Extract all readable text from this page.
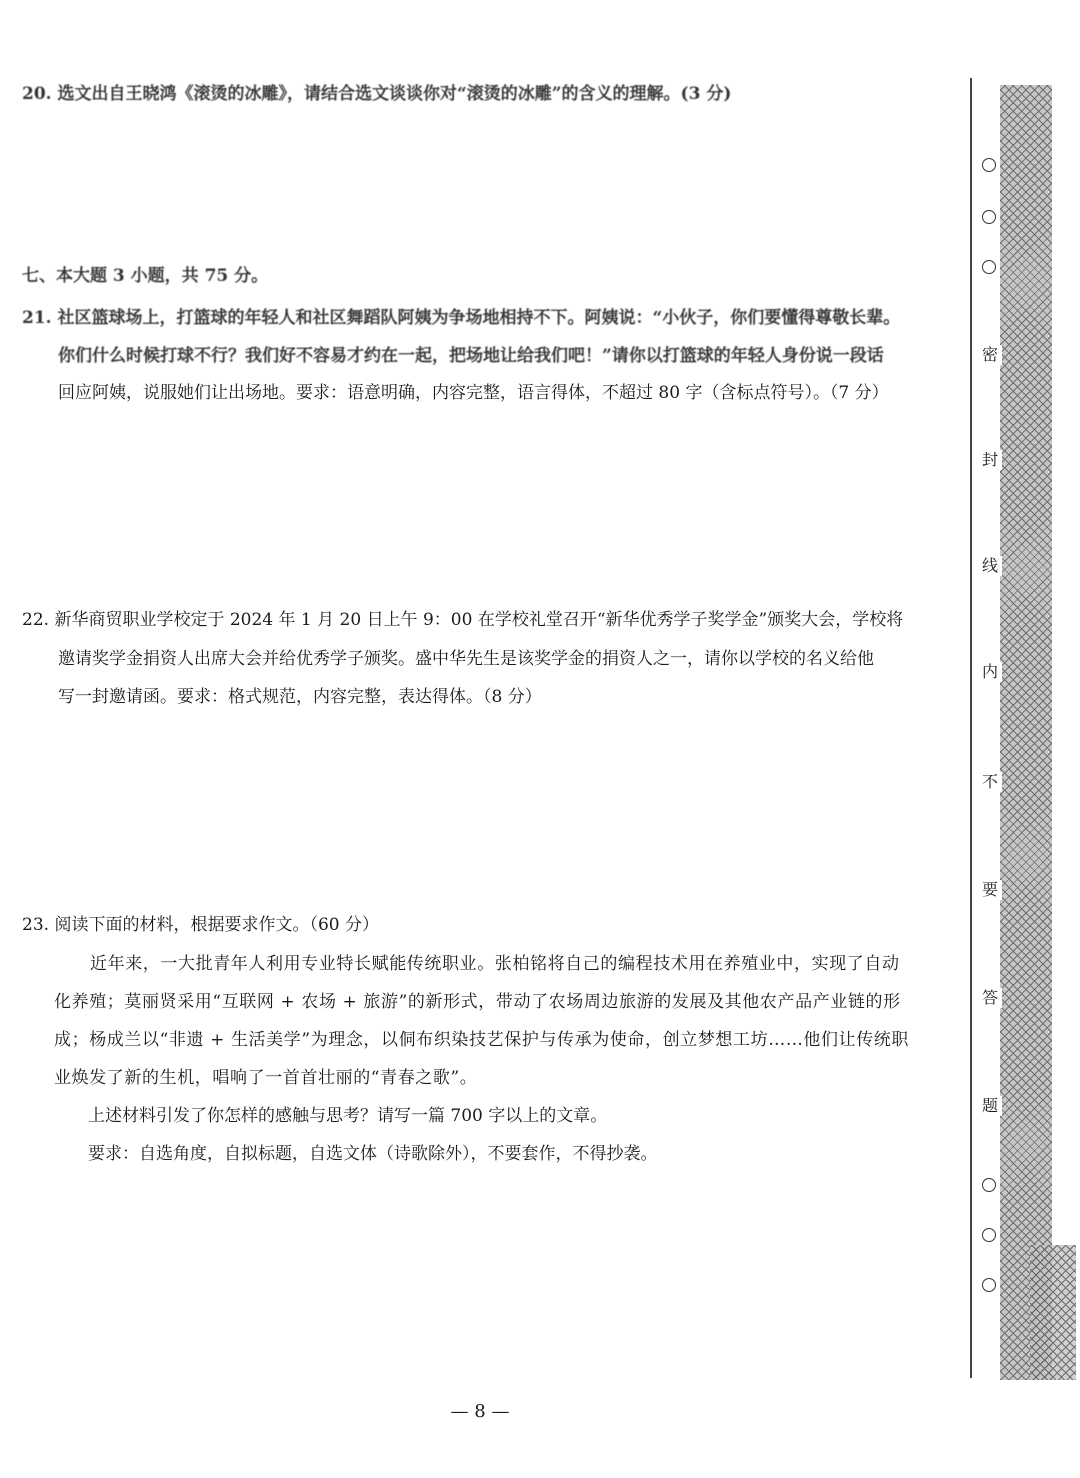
20. 选文出自王晓鸿《滚烫的冰雕》，请结合选文谈谈你对“滚烫的冰雕”的含义的理解。(3 分)
七、本大题 3 小题，共 75 分。
21. 社区篮球场上，打篮球的年轻人和社区舞蹈队阿姨为争场地相持不下。阿姨说：“小伙子，你们要懂得尊敬长辈。
你们什么时候打球不行？我们好不容易才约在一起，把场地让给我们吧！”请你以打篮球的年轻人身份说一段话
回应阿姨，说服她们让出场地。要求：语意明确，内容完整，语言得体，不超过 80 字（含标点符号）。（7 分）
22. 新华商贸职业学校定于 2024 年 1 月 20 日上午 9：00 在学校礼堂召开“新华优秀学子奖学金”颁奖大会，学校将
邀请奖学金捐资人出席大会并给优秀学子颁奖。盛中华先生是该奖学金的捐资人之一，请你以学校的名义给他
写一封邀请函。要求：格式规范，内容完整，表达得体。（8 分）
23. 阅读下面的材料，根据要求作文。（60 分）
近年来，一大批青年人利用专业特长赋能传统职业。张柏铭将自己的编程技术用在养殖业中，实现了自动
化养殖；莫丽贤采用“互联网 + 农场 + 旅游”的新形式，带动了农场周边旅游的发展及其他农产品产业链的形
成；杨成兰以“非遗 + 生活美学”为理念，以侗布织染技艺保护与传承为使命，创立梦想工坊……他们让传统职
业焕发了新的生机，唱响了一首首壮丽的“青春之歌”。
上述材料引发了你怎样的感触与思考？请写一篇 700 字以上的文章。
要求：自选角度，自拟标题，自选文体（诗歌除外），不要套作，不得抄袭。
— 8 —
密
封
线
内
不
要
答
题
